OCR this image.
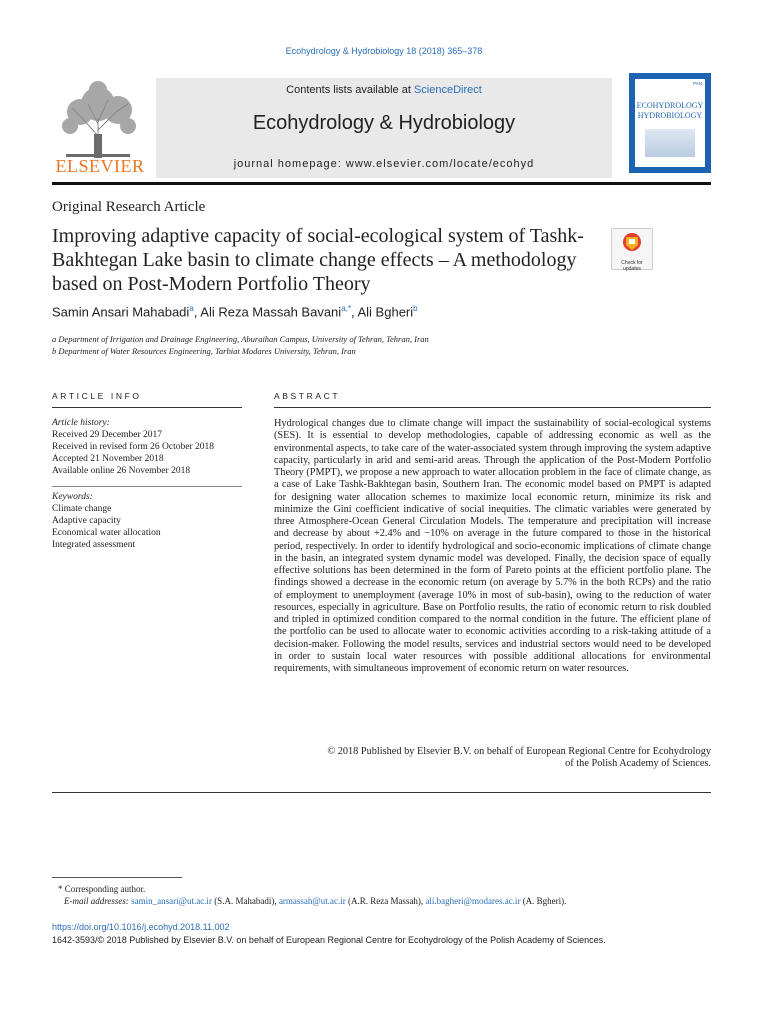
Ecohydrology & Hydrobiology 18 (2018) 365–378
ELSEVIER
Contents lists available at ScienceDirect
Ecohydrology & Hydrobiology
journal homepage: www.elsevier.com/locate/ecohyd
PAN
ECOHYDROLOGY
HYDROBIOLOGY
Original Research Article
Improving adaptive capacity of social-ecological system of Tashk-Bakhtegan Lake basin to climate change effects – A methodology based on Post-Modern Portfolio Theory
Check for
updates
Samin Ansari Mahabadi$^a$, Ali Reza Massah Bavani$^{a,*}$, Ali Bgheri$^b$
a Department of Irrigation and Drainage Engineering, Aburaihan Campus, University of Tehran, Tehran, Iran
b Department of Water Resources Engineering, Tarbiat Modares University, Tehran, Iran
ARTICLE INFO	ABSTRACT
Article history:
Received 29 December 2017
Received in revised form 26 October 2018
Accepted 21 November 2018
Available online 26 November 2018
Keywords:
Climate change
Adaptive capacity
Economical water allocation
Integrated assessment
Hydrological changes due to climate change will impact the sustainability of social-ecological systems (SES). It is essential to develop methodologies, capable of addressing economic as well as the environmental aspects, to take care of the water-associated system through improving the system adaptive capacity, particularly in arid and semi-arid areas. Through the application of the Post-Modern Portfolio Theory (PMPT), we propose a new approach to water allocation problem in the face of climate change, as a case of Lake Tashk-Bakhtegan basin, Southern Iran. The economic model based on PMPT is adapted for designing water allocation schemes to maximize local economic return, minimize its risk and minimize the Gini coefficient indicative of social inequities. The climatic variables were generated by three Atmosphere-Ocean General Circulation Models. The temperature and precipitation will increase and decrease by about +2.4% and −10% on average in the future compared to those in the historical period, respectively. In order to identify hydrological and socio-economic implications of climate change in the basin, an integrated system dynamic model was developed. Finally, the decision space of equally effective solutions has been determined in the form of Pareto points at the efficient portfolio plane. The findings showed a decrease in the economic return (on average by 5.7% in the both RCPs) and the ratio of employment to unemployment (average 10% in most of sub-basin), owing to the reduction of water resources, especially in agriculture. Base on Portfolio results, the ratio of economic return to risk doubled and tripled in optimized condition compared to the normal condition in the future. The efficient plane of the portfolio can be used to allocate water to economic activities according to a risk-taking attitude of a decision-maker. Following the model results, services and industrial sectors would need to be developed in order to sustain local water resources with possible additional allocations for environmental requirements, with simultaneous improvement of economic return on water resources.
© 2018 Published by Elsevier B.V. on behalf of European Regional Centre for Ecohydrology
of the Polish Academy of Sciences.
* Corresponding author.
E-mail addresses: samin_ansari@ut.ac.ir (S.A. Mahabadi), armassah@ut.ac.ir (A.R. Reza Massah), ali.bagheri@modares.ac.ir (A. Bgheri).
https://doi.org/10.1016/j.ecohyd.2018.11.002
1642-3593/© 2018 Published by Elsevier B.V. on behalf of European Regional Centre for Ecohydrology of the Polish Academy of Sciences.
